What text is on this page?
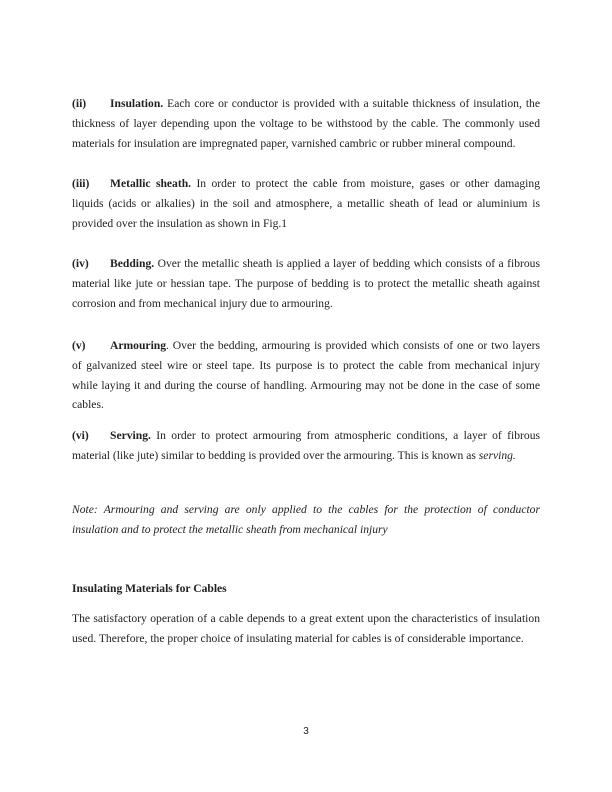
(ii) Insulation. Each core or conductor is provided with a suitable thickness of insulation, the thickness of layer depending upon the voltage to be withstood by the cable. The commonly used materials for insulation are impregnated paper, varnished cambric or rubber mineral compound.

(iii) Metallic sheath. In order to protect the cable from moisture, gases or other damaging liquids (acids or alkalies) in the soil and atmosphere, a metallic sheath of lead or aluminium is provided over the insulation as shown in Fig.1

(iv) Bedding. Over the metallic sheath is applied a layer of bedding which consists of a fibrous material like jute or hessian tape. The purpose of bedding is to protect the metallic sheath against corrosion and from mechanical injury due to armouring.

(v) Armouring. Over the bedding, armouring is provided which consists of one or two layers of galvanized steel wire or steel tape. Its purpose is to protect the cable from mechanical injury while laying it and during the course of handling. Armouring may not be done in the case of some cables.

(vi) Serving. In order to protect armouring from atmospheric conditions, a layer of fibrous material (like jute) similar to bedding is provided over the armouring. This is known as serving.

Note: Armouring and serving are only applied to the cables for the protection of conductor insulation and to protect the metallic sheath from mechanical injury

Insulating Materials for Cables

The satisfactory operation of a cable depends to a great extent upon the characteristics of insulation used. Therefore, the proper choice of insulating material for cables is of considerable importance.

3
